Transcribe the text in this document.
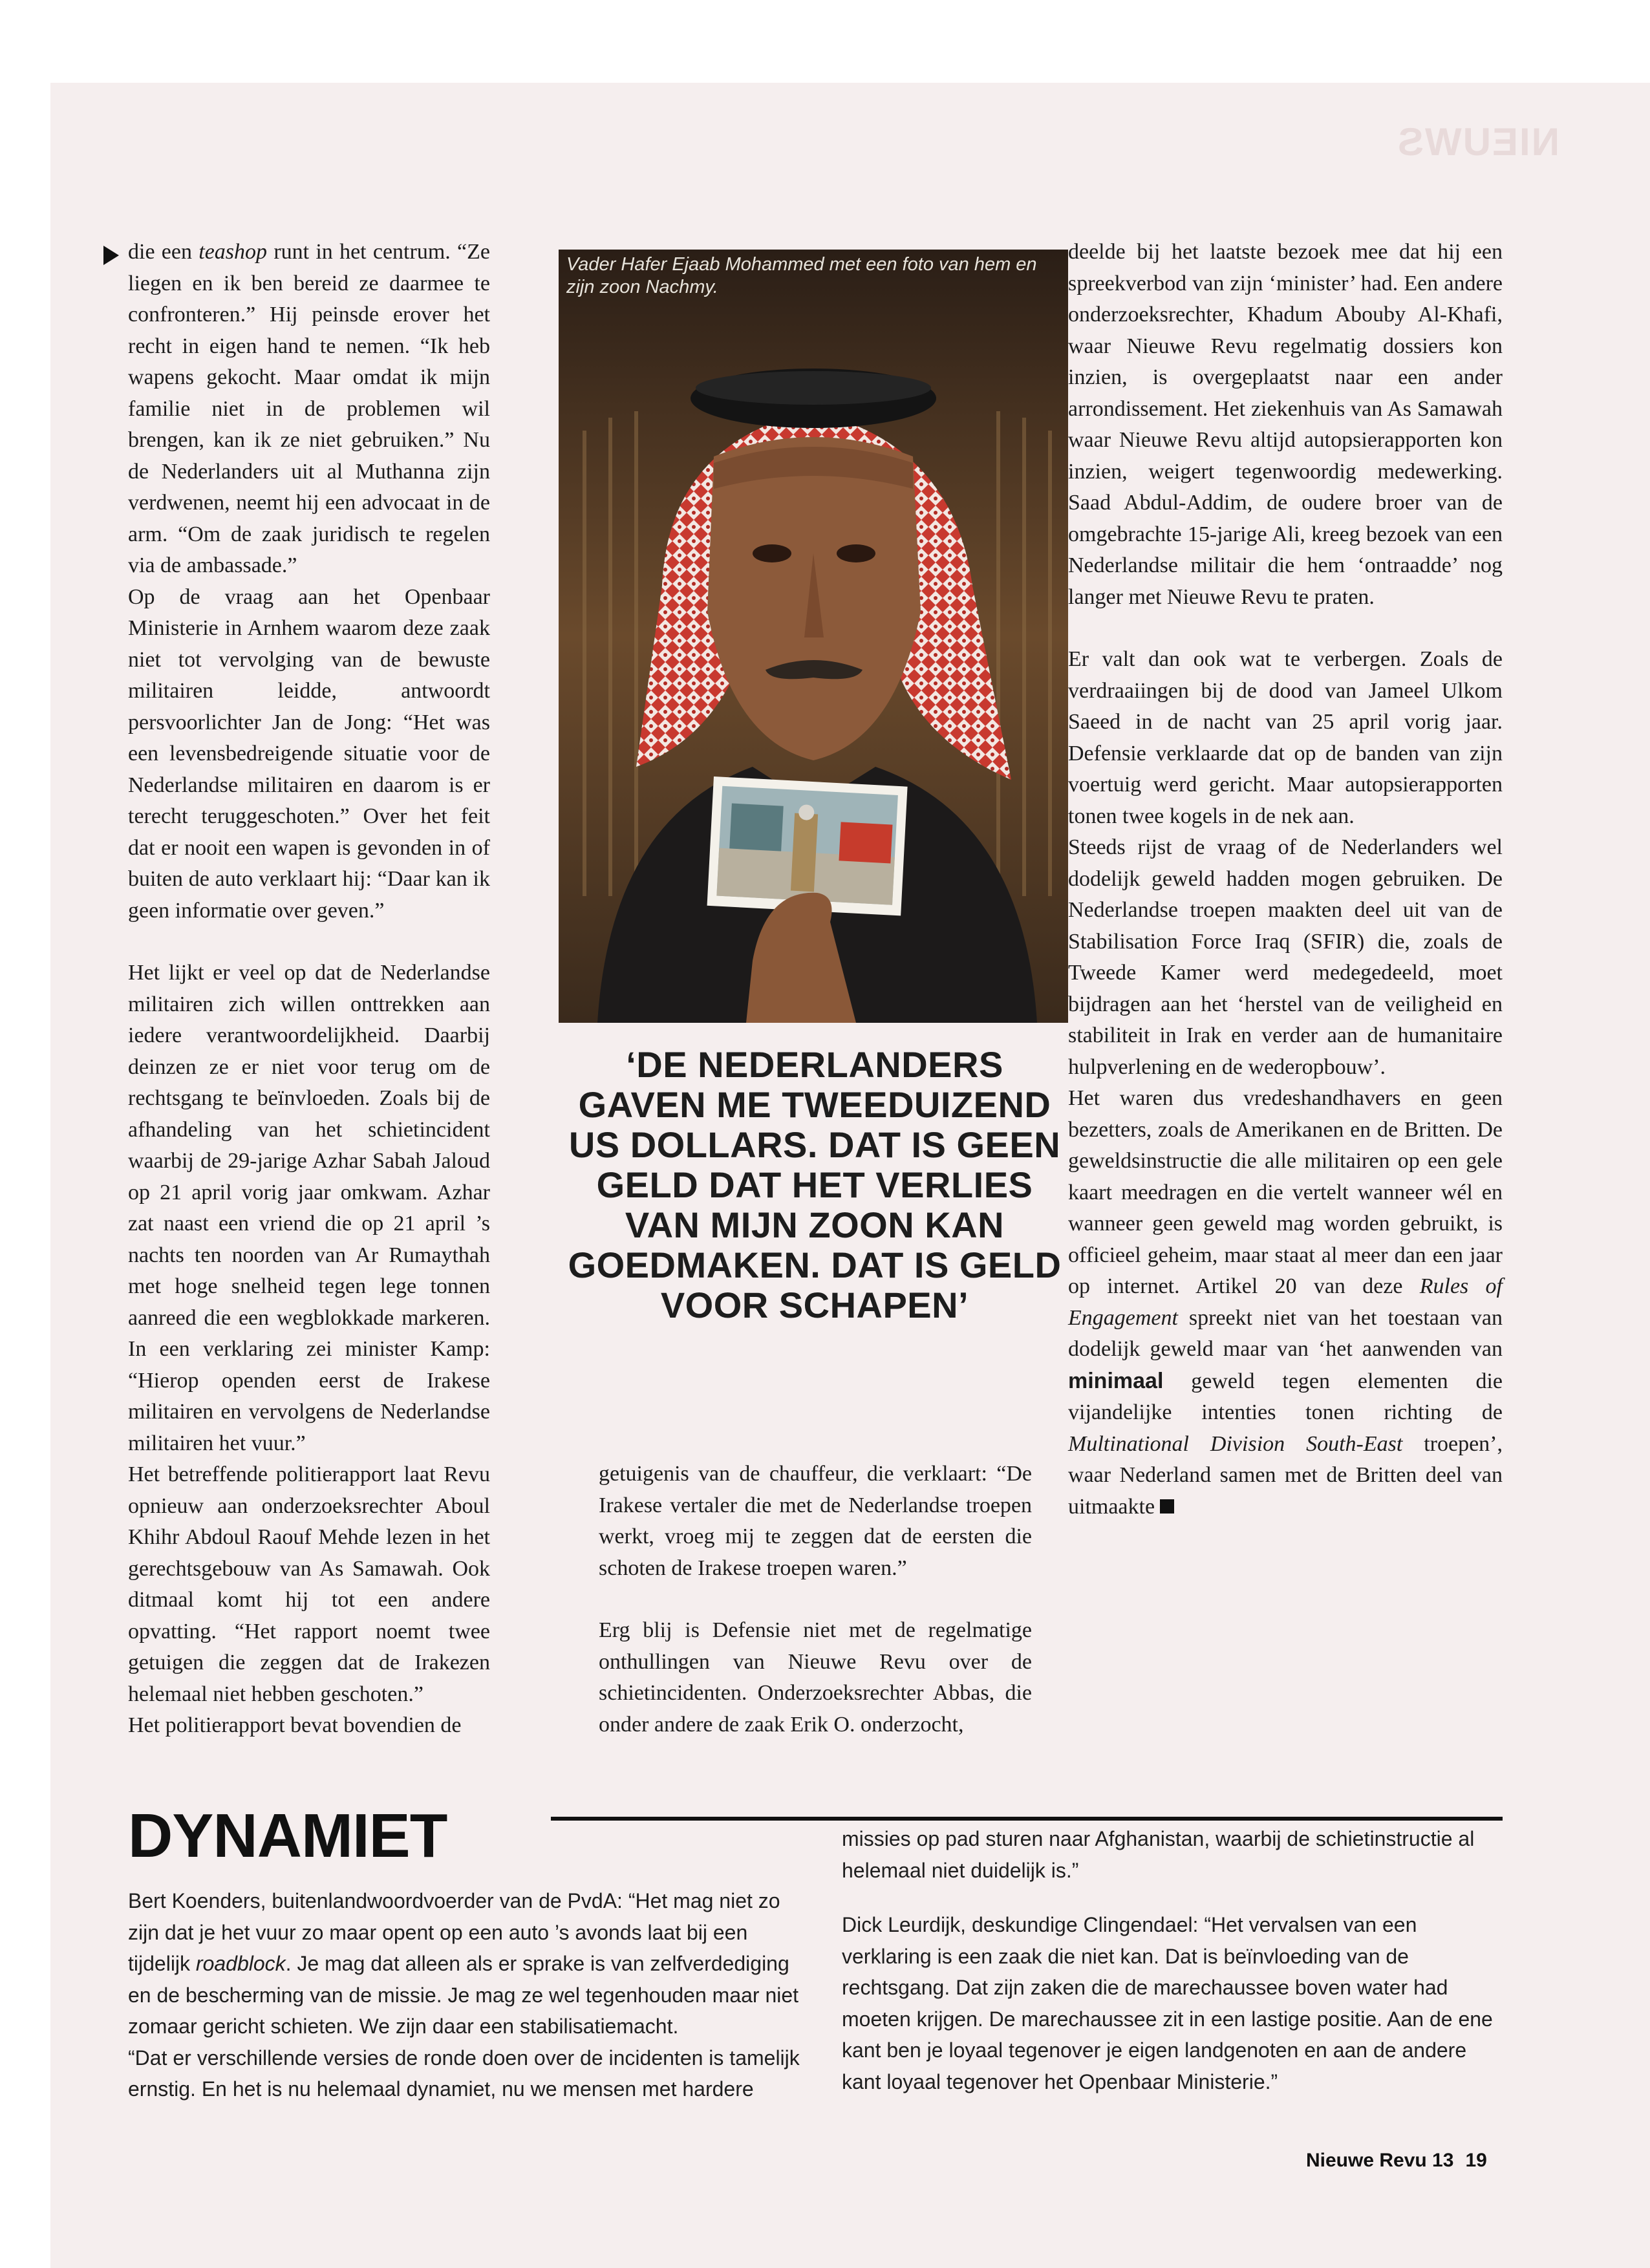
NIEUWS

die een teashop runt in het centrum. “Ze liegen en ik ben bereid ze daarmee te confronteren.” Hij peinsde erover het recht in eigen hand te nemen. “Ik heb wapens gekocht. Maar omdat ik mijn familie niet in de problemen wil brengen, kan ik ze niet gebruiken.” Nu de Nederlanders uit al Muthanna zijn verdwenen, neemt hij een advocaat in de arm. “Om de zaak juridisch te regelen via de ambassade.”

Op de vraag aan het Openbaar Ministerie in Arnhem waarom deze zaak niet tot vervolging van de bewuste militairen leidde, antwoordt persvoorlichter Jan de Jong: “Het was een levensbedreigende situatie voor de Nederlandse militairen en daarom is er terecht teruggeschoten.” Over het feit dat er nooit een wapen is gevonden in of buiten de auto verklaart hij: “Daar kan ik geen informatie over geven.”

Het lijkt er veel op dat de Nederlandse militairen zich willen onttrekken aan iedere verantwoordelijkheid. Daarbij deinzen ze er niet voor terug om de rechtsgang te beïnvloeden. Zoals bij de afhandeling van het schietincident waarbij de 29-jarige Azhar Sabah Jaloud op 21 april vorig jaar omkwam. Azhar zat naast een vriend die op 21 april ’s nachts ten noorden van Ar Rumaythah met hoge snelheid tegen lege tonnen aanreed die een wegblokkade markeren. In een verklaring zei minister Kamp: “Hierop openden eerst de Irakese militairen en vervolgens de Nederlandse militairen het vuur.”

Het betreffende politierapport laat Revu opnieuw aan onderzoeksrechter Aboul Khihr Abdoul Raouf Mehde lezen in het gerechtsgebouw van As Samawah. Ook ditmaal komt hij tot een andere opvatting. “Het rapport noemt twee getuigen die zeggen dat de Irakezen helemaal niet hebben geschoten.”

Het politierapport bevat bovendien de

Vader Hafer Ejaab Mohammed met een foto van hem en zijn zoon Nachmy.
‘DE NEDERLANDERS GAVEN ME TWEEDUIZEND US DOLLARS. DAT IS GEEN GELD DAT HET VERLIES VAN MIJN ZOON KAN GOEDMAKEN. DAT IS GELD VOOR SCHAPEN’

getuigenis van de chauffeur, die verklaart: “De Irakese vertaler die met de Nederlandse troepen werkt, vroeg mij te zeggen dat de eersten die schoten de Irakese troepen waren.”

Erg blij is Defensie niet met de regelmatige onthullingen van Nieuwe Revu over de schietincidenten. Onderzoeksrechter Abbas, die onder andere de zaak Erik O. onderzocht,

deelde bij het laatste bezoek mee dat hij een spreekverbod van zijn ‘minister’ had. Een andere onderzoeksrechter, Khadum Abouby Al-Khafi, waar Nieuwe Revu regelmatig dossiers kon inzien, is overgeplaatst naar een ander arrondissement. Het ziekenhuis van As Samawah waar Nieuwe Revu altijd autopsierapporten kon inzien, weigert tegenwoordig medewerking. Saad Abdul-Addim, de oudere broer van de omgebrachte 15-jarige Ali, kreeg bezoek van een Nederlandse militair die hem ‘ontraadde’ nog langer met Nieuwe Revu te praten.

Er valt dan ook wat te verbergen. Zoals de verdraaiingen bij de dood van Jameel Ulkom Saeed in de nacht van 25 april vorig jaar. Defensie verklaarde dat op de banden van zijn voertuig werd gericht. Maar autopsierapporten tonen twee kogels in de nek aan.

Steeds rijst de vraag of de Nederlanders wel dodelijk geweld hadden mogen gebruiken. De Nederlandse troepen maakten deel uit van de Stabilisation Force Iraq (SFIR) die, zoals de Tweede Kamer werd medegedeeld, moet bijdragen aan het ‘herstel van de veiligheid en stabiliteit in Irak en verder aan de humanitaire hulpverlening en de wederopbouw’.

Het waren dus vredeshandhavers en geen bezetters, zoals de Amerikanen en de Britten. De geweldsinstructie die alle militairen op een gele kaart meedragen en die vertelt wanneer wél en wanneer geen geweld mag worden gebruikt, is officieel geheim, maar staat al meer dan een jaar op internet. Artikel 20 van deze Rules of Engagement spreekt niet van het toestaan van dodelijk geweld maar van ‘het aanwenden van minimaal geweld tegen elementen die vijandelijke intenties tonen richting de Multinational Division South-East troepen’, waar Nederland samen met de Britten deel van uitmaakte

DYNAMIET

Bert Koenders, buitenlandwoordvoerder van de PvdA: “Het mag niet zo zijn dat je het vuur zo maar opent op een auto ’s avonds laat bij een tijdelijk roadblock. Je mag dat alleen als er sprake is van zelfverdediging en de bescherming van de missie. Je mag ze wel tegenhouden maar niet zomaar gericht schieten. We zijn daar een stabilisatiemacht.

“Dat er verschillende versies de ronde doen over de incidenten is tamelijk ernstig. En het is nu helemaal dynamiet, nu we mensen met hardere

missies op pad sturen naar Afghanistan, waarbij de schietinstructie al helemaal niet duidelijk is.”

Dick Leurdijk, deskundige Clingendael: “Het vervalsen van een verklaring is een zaak die niet kan. Dat is beïnvloeding van de rechtsgang. Dat zijn zaken die de marechaussee boven water had moeten krijgen. De marechaussee zit in een lastige positie. Aan de ene kant ben je loyaal tegenover je eigen landgenoten en aan de andere kant loyaal tegenover het Openbaar Ministerie.”

Nieuwe Revu 13 19
